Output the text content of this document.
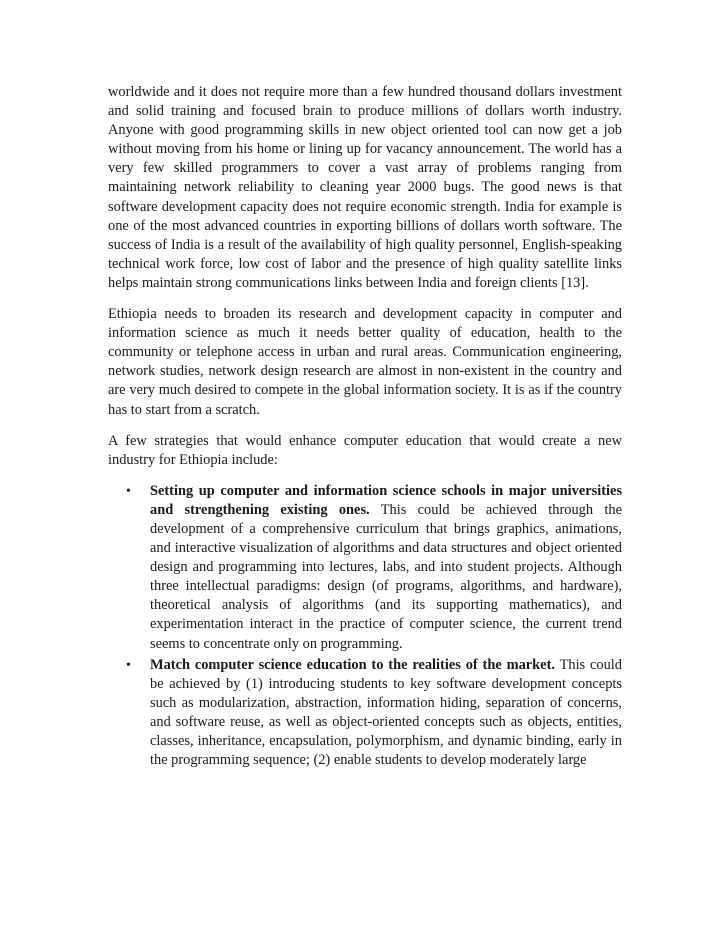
worldwide and it does not require more than a few hundred thousand dollars investment and solid training and focused brain to produce millions of dollars worth industry. Anyone with good programming skills in new object oriented tool can now get a job without moving from his home or lining up for vacancy announcement. The world has a very few skilled programmers to cover a vast array of problems ranging from maintaining network reliability to cleaning year 2000 bugs. The good news is that software development capacity does not require economic strength. India for example is one of the most advanced countries in exporting billions of dollars worth software. The success of India is a result of the availability of high quality personnel, English-speaking technical work force, low cost of labor and the presence of high quality satellite links helps maintain strong communications links between India and foreign clients [13].

Ethiopia needs to broaden its research and development capacity in computer and information science as much it needs better quality of education, health to the community or telephone access in urban and rural areas. Communication engineering, network studies, network design research are almost in non-existent in the country and are very much desired to compete in the global information society. It is as if the country has to start from a scratch.

A few strategies that would enhance computer education that would create a new industry for Ethiopia include:

• Setting up computer and information science schools in major universities and strengthening existing ones. This could be achieved through the development of a comprehensive curriculum that brings graphics, animations, and interactive visualization of algorithms and data structures and object oriented design and programming into lectures, labs, and into student projects. Although three intellectual paradigms: design (of programs, algorithms, and hardware), theoretical analysis of algorithms (and its supporting mathematics), and experimentation interact in the practice of computer science, the current trend seems to concentrate only on programming.
• Match computer science education to the realities of the market. This could be achieved by (1) introducing students to key software development concepts such as modularization, abstraction, information hiding, separation of concerns, and software reuse, as well as object-oriented concepts such as objects, entities, classes, inheritance, encapsulation, polymorphism, and dynamic binding, early in the programming sequence; (2) enable students to develop moderately large
